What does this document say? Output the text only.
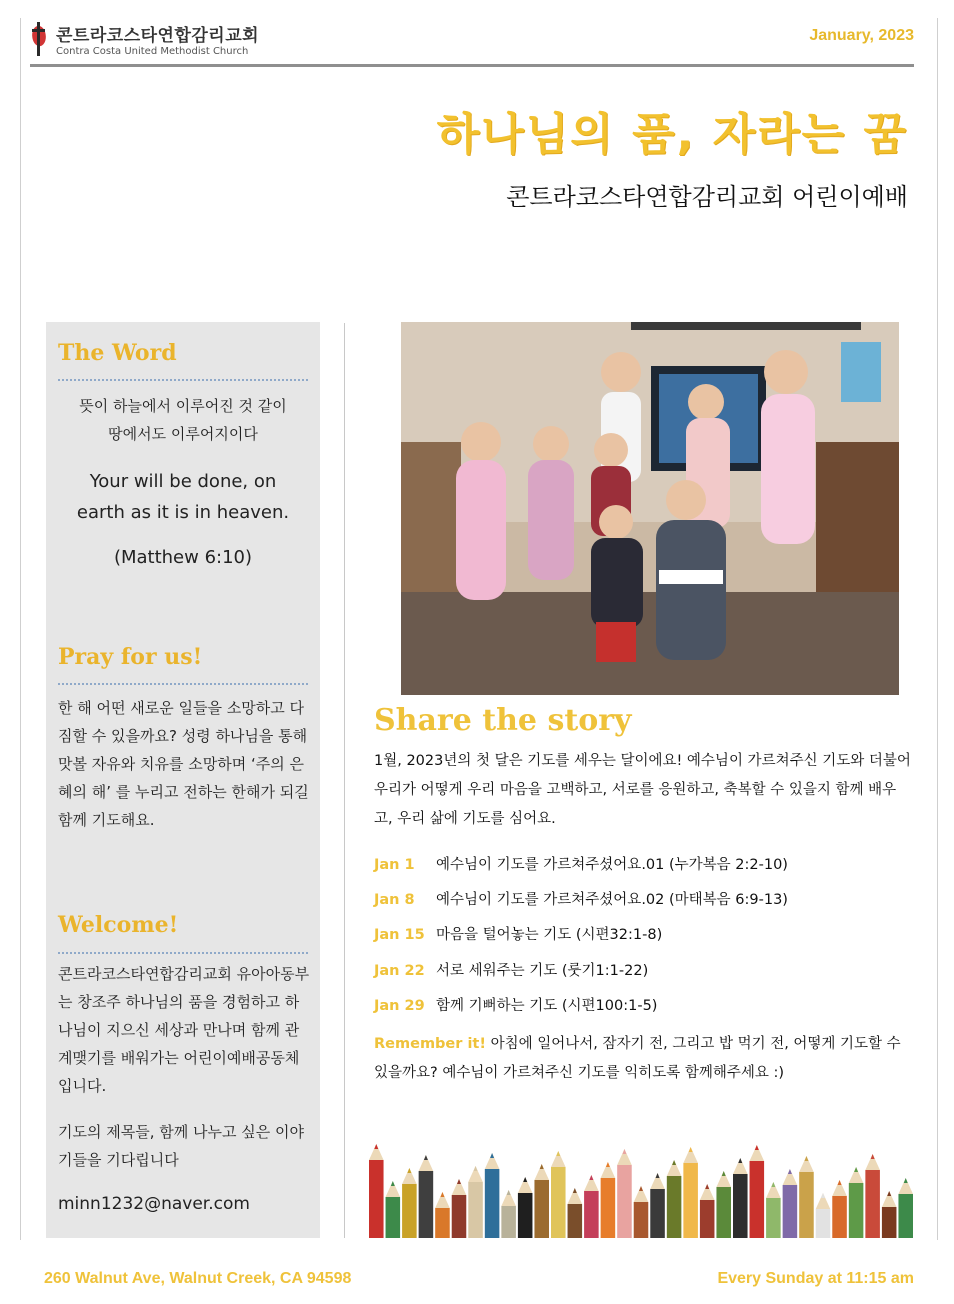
콘트라코스타연합감리교회
Contra Costa United Methodist Church
January, 2023
하나님의 품, 자라는 꿈
콘트라코스타연합감리교회 어린이예배
The Word
뜻이 하늘에서 이루어진 것 같이
땅에서도 이루어지이다
Your will be done, on
earth as it is in heaven.
(Matthew 6:10)
Pray for us!
한 해 어떤 새로운 일들을 소망하고 다짐할 수 있을까요? 성령 하나님을 통해 맛볼 자유와 치유를 소망하며 ‘주의 은혜의 해’ 를 누리고 전하는 한해가 되길 함께 기도해요.
Welcome!
콘트라코스타연합감리교회 유아아동부는 창조주 하나님의 품을 경험하고 하나님이 지으신 세상과 만나며 함께 관계맺기를 배워가는 어린이예배공동체 입니다.
기도의 제목들, 함께 나누고 싶은 이야기들을 기다립니다
minn1232@naver.com
Share the story
1월, 2023년의 첫 달은 기도를 세우는 달이에요! 예수님이 가르쳐주신 기도와 더불어 우리가 어떻게 우리 마음을 고백하고, 서로를 응원하고, 축복할 수 있을지 함께 배우고, 우리 삶에 기도를 심어요.
Jan 1	예수님이 기도를 가르쳐주셨어요.01 (누가복음 2:2-10)
Jan 8	예수님이 기도를 가르쳐주셨어요.02 (마태복음 6:9-13)
Jan 15 마음을 털어놓는 기도 (시편32:1-8)
Jan 22 서로 세워주는 기도 (룻기1:1-22)
Jan 29 함께 기뻐하는 기도 (시편100:1-5)
Remember it! 아침에 일어나서, 잠자기 전, 그리고 밥 먹기 전, 어떻게 기도할 수 있을까요? 예수님이 가르쳐주신 기도를 익히도록 함께해주세요 :)
260 Walnut Ave, Walnut Creek, CA 94598	Every Sunday at 11:15 am
